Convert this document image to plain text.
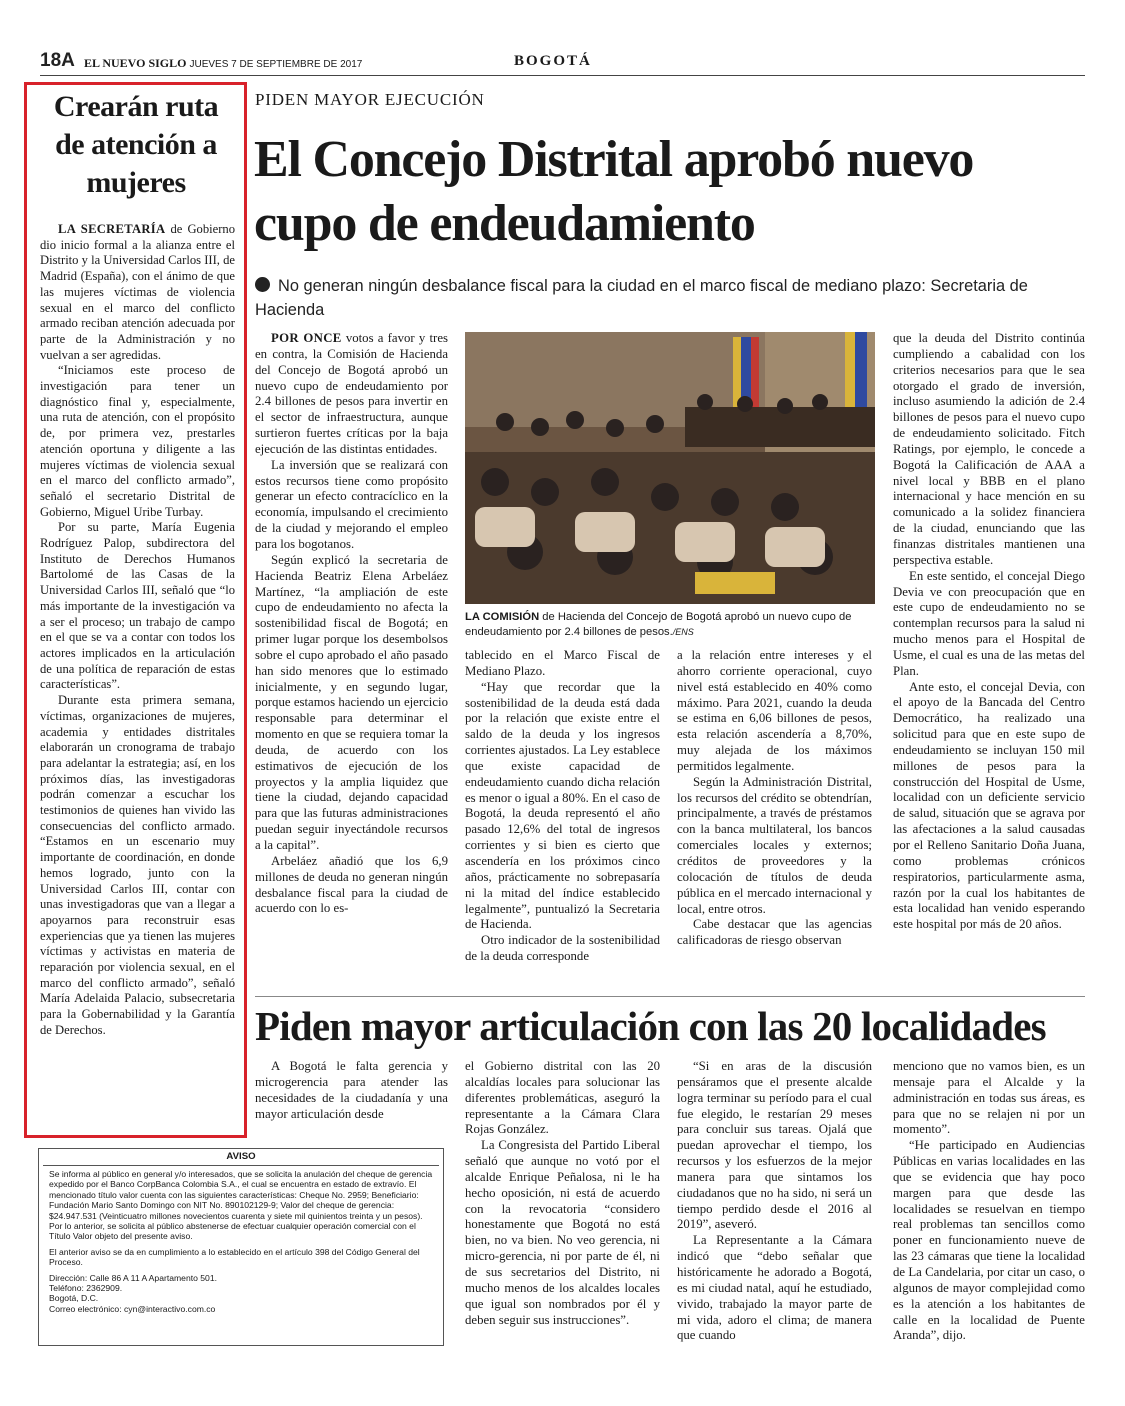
18A EL NUEVO SIGLO JUEVES 7 DE SEPTIEMBRE DE 2017	BOGOTÁ
Crearán ruta de atención a mujeres

LA SECRETARÍA de Gobierno dio inicio formal a la alianza entre el Distrito y la Universidad Carlos III, de Madrid (España), con el ánimo de que las mujeres víctimas de violencia sexual en el marco del conflicto armado reciban atención adecuada por parte de la Administración y no vuelvan a ser agredidas.

“Iniciamos este proceso de investigación para tener un diagnóstico final y, especialmente, una ruta de atención, con el propósito de, por primera vez, prestarles atención oportuna y diligente a las mujeres víctimas de violencia sexual en el marco del conflicto armado”, señaló el secretario Distrital de Gobierno, Miguel Uribe Turbay.

Por su parte, María Eugenia Rodríguez Palop, subdirectora del Instituto de Derechos Humanos Bartolomé de las Casas de la Universidad Carlos III, señaló que “lo más importante de la investigación va a ser el proceso; un trabajo de campo en el que se va a contar con todos los actores implicados en la articulación de una política de reparación de estas características”.

Durante esta primera semana, víctimas, organizaciones de mujeres, academia y entidades distritales elaborarán un cronograma de trabajo para adelantar la estrategia; así, en los próximos días, las investigadoras podrán comenzar a escuchar los testimonios de quienes han vivido las consecuencias del conflicto armado. “Estamos en un escenario muy importante de coordinación, en donde hemos logrado, junto con la Universidad Carlos III, contar con unas investigadoras que van a llegar a apoyarnos para reconstruir esas experiencias que ya tienen las mujeres víctimas y activistas en materia de reparación por violencia sexual, en el marco del conflicto armado”, señaló María Adelaida Palacio, subsecretaria para la Gobernabilidad y la Garantía de Derechos.

PIDEN MAYOR EJECUCIÓN
El Concejo Distrital aprobó nuevo cupo de endeudamiento
No generan ningún desbalance fiscal para la ciudad en el marco fiscal de mediano plazo: Secretaria de Hacienda

POR ONCE votos a favor y tres en contra, la Comisión de Hacienda del Concejo de Bogotá aprobó un nuevo cupo de endeudamiento por 2.4 billones de pesos para invertir en el sector de infraestructura, aunque surtieron fuertes críticas por la baja ejecución de las distintas entidades.

La inversión que se realizará con estos recursos tiene como propósito generar un efecto contracíclico en la economía, impulsando el crecimiento de la ciudad y mejorando el empleo para los bogotanos.

Según explicó la secretaria de Hacienda Beatriz Elena Arbeláez Martínez, “la ampliación de este cupo de endeudamiento no afecta la sostenibilidad fiscal de Bogotá; en primer lugar porque los desembolsos sobre el cupo aprobado el año pasado han sido menores que lo estimado inicialmente, y en segundo lugar, porque estamos haciendo un ejercicio responsable para determinar el momento en que se requiera tomar la deuda, de acuerdo con los estimativos de ejecución de los proyectos y la amplia liquidez que tiene la ciudad, dejando capacidad para que las futuras administraciones puedan seguir inyectándole recursos a la capital”.

Arbeláez añadió que los 6,9 millones de deuda no generan ningún desbalance fiscal para la ciudad de acuerdo con lo es-

LA COMISIÓN de Hacienda del Concejo de Bogotá aprobó un nuevo cupo de endeudamiento por 2.4 billones de pesos./ENS

tablecido en el Marco Fiscal de Mediano Plazo.

“Hay que recordar que la sostenibilidad de la deuda está dada por la relación que existe entre el saldo de la deuda y los ingresos corrientes ajustados. La Ley establece que existe capacidad de endeudamiento cuando dicha relación es menor o igual a 80%. En el caso de Bogotá, la deuda representó el año pasado 12,6% del total de ingresos corrientes y si bien es cierto que ascendería en los próximos cinco años, prácticamente no sobrepasaría ni la mitad del índice establecido legalmente”, puntualizó la Secretaria de Hacienda.

Otro indicador de la sostenibilidad de la deuda corresponde

a la relación entre intereses y el ahorro corriente operacional, cuyo nivel está establecido en 40% como máximo. Para 2021, cuando la deuda se estima en 6,06 billones de pesos, esta relación ascendería a 8,70%, muy alejada de los máximos permitidos legalmente.

Según la Administración Distrital, los recursos del crédito se obtendrían, principalmente, a través de préstamos con la banca multilateral, los bancos comerciales locales y externos; créditos de proveedores y la colocación de títulos de deuda pública en el mercado internacional y local, entre otros.

Cabe destacar que las agencias calificadoras de riesgo observan

que la deuda del Distrito continúa cumpliendo a cabalidad con los criterios necesarios para que le sea otorgado el grado de inversión, incluso asumiendo la adición de 2.4 billones de pesos para el nuevo cupo de endeudamiento solicitado. Fitch Ratings, por ejemplo, le concede a Bogotá la Calificación de AAA a nivel local y BBB en el plano internacional y hace mención en su comunicado a la solidez financiera de la ciudad, enunciando que las finanzas distritales mantienen una perspectiva estable.

En este sentido, el concejal Diego Devia ve con preocupación que en este cupo de endeudamiento no se contemplan recursos para la salud ni mucho menos para el Hospital de Usme, el cual es una de las metas del Plan.

Ante esto, el concejal Devia, con el apoyo de la Bancada del Centro Democrático, ha realizado una solicitud para que en este supo de endeudamiento se incluyan 150 mil millones de pesos para la construcción del Hospital de Usme, localidad con un deficiente servicio de salud, situación que se agrava por las afectaciones a la salud causadas por el Relleno Sanitario Doña Juana, como problemas crónicos respiratorios, particularmente asma, razón por la cual los habitantes de esta localidad han venido esperando este hospital por más de 20 años.

Piden mayor articulación con las 20 localidades

A Bogotá le falta gerencia y microgerencia para atender las necesidades de la ciudadanía y una mayor articulación desde

el Gobierno distrital con las 20 alcaldías locales para solucionar las diferentes problemáticas, aseguró la representante a la Cámara Clara Rojas González.

La Congresista del Partido Liberal señaló que aunque no votó por el alcalde Enrique Peñalosa, ni le ha hecho oposición, ni está de acuerdo con la revocatoria “considero honestamente que Bogotá no está bien, no va bien. No veo gerencia, ni micro-gerencia, ni por parte de él, ni de sus secretarios del Distrito, ni mucho menos de los alcaldes locales que igual son nombrados por él y deben seguir sus instrucciones”.

“Si en aras de la discusión pensáramos que el presente alcalde logra terminar su período para el cual fue elegido, le restarían 29 meses para concluir sus tareas. Ojalá que puedan aprovechar el tiempo, los recursos y los esfuerzos de la mejor manera para que sintamos los ciudadanos que no ha sido, ni será un tiempo perdido desde el 2016 al 2019”, aseveró.

La Representante a la Cámara indicó que “debo señalar que históricamente he adorado a Bogotá, es mi ciudad natal, aquí he estudiado, vivido, trabajado la mayor parte de mi vida, adoro el clima; de manera que cuando

menciono que no vamos bien, es un mensaje para el Alcalde y la administración en todas sus áreas, es para que no se relajen ni por un momento”.

“He participado en Audiencias Públicas en varias localidades en las que se evidencia que hay poco margen para que desde las localidades se resuelvan en tiempo real problemas tan sencillos como poner en funcionamiento nueve de las 23 cámaras que tiene la localidad de La Candelaria, por citar un caso, o algunos de mayor complejidad como es la atención a los habitantes de calle en la localidad de Puente Aranda”, dijo.

AVISO

Se informa al público en general y/o interesados, que se solicita la anulación del cheque de gerencia expedido por el Banco CorpBanca Colombia S.A., el cual se encuentra en estado de extravío. El mencionado título valor cuenta con las siguientes características: Cheque No. 2959; Beneficiario: Fundación Mario Santo Domingo con NIT No. 890102129-9; Valor del cheque de gerencia: $24.947.531 (Veinticuatro millones novecientos cuarenta y siete mil quinientos treinta y un pesos). Por lo anterior, se solicita al público abstenerse de efectuar cualquier operación comercial con el Título Valor objeto del presente aviso.

El anterior aviso se da en cumplimiento a lo establecido en el artículo 398 del Código General del Proceso.

Dirección: Calle 86 A 11 A Apartamento 501.

Teléfono: 2362909.

Bogotá, D.C.

Correo electrónico: cyn@interactivo.com.co
